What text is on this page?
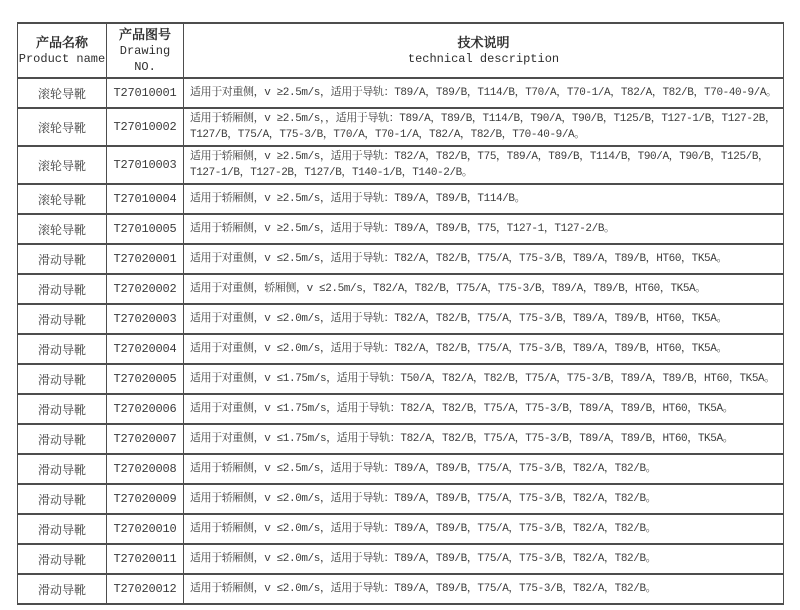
产品名称
Product name	产品图号
Drawing NO.	技术说明
technical description

滚轮导靴	T27010001	适用于对重侧，v ≥2.5m/s，适用于导轨：T89/A，T89/B，T114/B，T70/A，T70-1/A，T82/A，T82/B，T70-40-9/A。

滚轮导靴	T27010002	适用于轿厢侧，v ≥2.5m/s，，适用于导轨：T89/A，T89/B，T114/B，T90/A，T90/B，T125/B，T127-1/B，T127-2B，
T127/B，T75/A，T75-3/B，T70/A，T70-1/A，T82/A，T82/B，T70-40-9/A。

滚轮导靴	T27010003	适用于轿厢侧，v ≥2.5m/s，适用于导轨：T82/A，T82/B，T75，T89/A，T89/B，T114/B，T90/A，T90/B，T125/B，
T127-1/B，T127-2B，T127/B，T140-1/B，T140-2/B。

滚轮导靴	T27010004	适用于轿厢侧，v ≥2.5m/s，适用于导轨：T89/A，T89/B，T114/B。

滚轮导靴	T27010005	适用于轿厢侧，v ≥2.5m/s，适用于导轨：T89/A，T89/B，T75，T127-1，T127-2/B。

滑动导靴	T27020001	适用于对重侧，v ≤2.5m/s，适用于导轨：T82/A，T82/B，T75/A，T75-3/B，T89/A，T89/B，HT60，TK5A。

滑动导靴	T27020002	适用于对重侧，轿厢侧，v ≤2.5m/s，T82/A，T82/B，T75/A，T75-3/B，T89/A，T89/B，HT60，TK5A。

滑动导靴	T27020003	适用于对重侧，v ≤2.0m/s，适用于导轨：T82/A，T82/B，T75/A，T75-3/B，T89/A，T89/B，HT60，TK5A。

滑动导靴	T27020004	适用于对重侧，v ≤2.0m/s，适用于导轨：T82/A，T82/B，T75/A，T75-3/B，T89/A，T89/B，HT60，TK5A。

滑动导靴	T27020005	适用于对重侧，v ≤1.75m/s，适用于导轨：T50/A，T82/A，T82/B，T75/A，T75-3/B，T89/A，T89/B，HT60，TK5A。

滑动导靴	T27020006	适用于对重侧，v ≤1.75m/s，适用于导轨：T82/A，T82/B，T75/A，T75-3/B，T89/A，T89/B，HT60，TK5A。

滑动导靴	T27020007	适用于对重侧，v ≤1.75m/s，适用于导轨：T82/A，T82/B，T75/A，T75-3/B，T89/A，T89/B，HT60，TK5A。

滑动导靴	T27020008	适用于轿厢侧，v ≤2.5m/s，适用于导轨：T89/A，T89/B，T75/A，T75-3/B，T82/A，T82/B。

滑动导靴	T27020009	适用于轿厢侧，v ≤2.0m/s，适用于导轨：T89/A，T89/B，T75/A，T75-3/B，T82/A，T82/B。

滑动导靴	T27020010	适用于轿厢侧，v ≤2.0m/s，适用于导轨：T89/A，T89/B，T75/A，T75-3/B，T82/A，T82/B。

滑动导靴	T27020011	适用于轿厢侧，v ≤2.0m/s，适用于导轨：T89/A，T89/B，T75/A，T75-3/B，T82/A，T82/B。

滑动导靴	T27020012	适用于轿厢侧，v ≤2.0m/s，适用于导轨：T89/A，T89/B，T75/A，T75-3/B，T82/A，T82/B。
